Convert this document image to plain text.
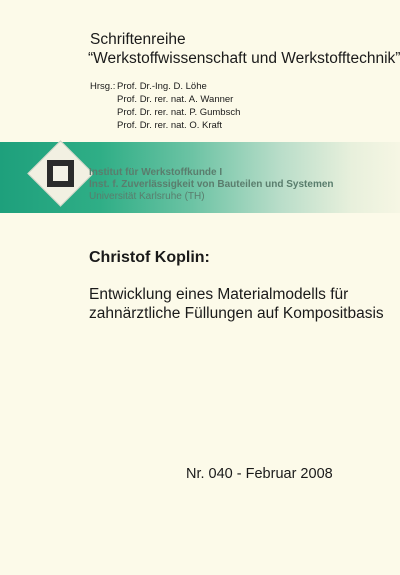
Schriftenreihe
“Werkstoffwissenschaft und Werkstofftechnik”
Hrsg.: Prof. Dr.-Ing. D. Löhe
Prof. Dr. rer. nat. A. Wanner
Prof. Dr. rer. nat. P. Gumbsch
Prof. Dr. rer. nat. O. Kraft
Institut für Werkstoffkunde I
Inst. f. Zuverlässigkeit von Bauteilen und Systemen
Universität Karlsruhe (TH)
Christof Koplin:
Entwicklung eines Materialmodells für
zahnärztliche Füllungen auf Kompositbasis
Nr. 040 - Februar 2008
